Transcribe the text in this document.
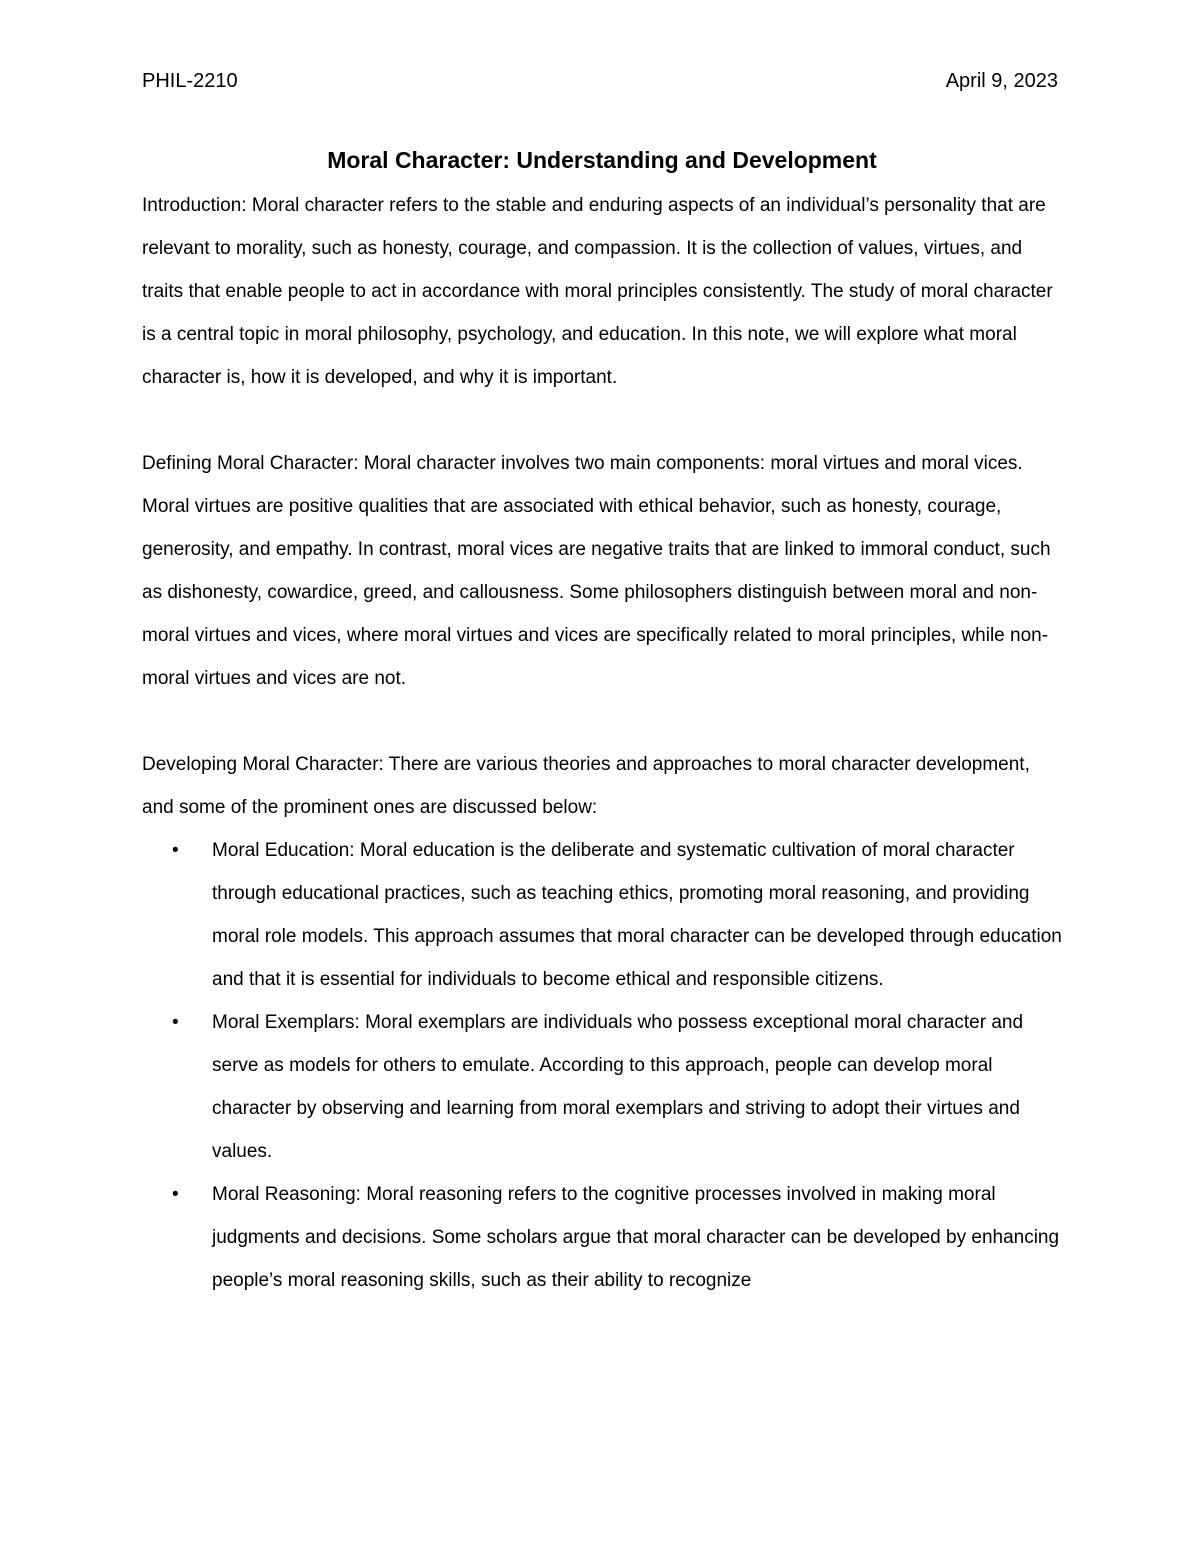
PHIL-2210	April 9, 2023
Moral Character: Understanding and Development

Introduction: Moral character refers to the stable and enduring aspects of an individual’s personality that are relevant to morality, such as honesty, courage, and compassion. It is the collection of values, virtues, and traits that enable people to act in accordance with moral principles consistently. The study of moral character is a central topic in moral philosophy, psychology, and education. In this note, we will explore what moral character is, how it is developed, and why it is important.

Defining Moral Character: Moral character involves two main components: moral virtues and moral vices. Moral virtues are positive qualities that are associated with ethical behavior, such as honesty, courage, generosity, and empathy. In contrast, moral vices are negative traits that are linked to immoral conduct, such as dishonesty, cowardice, greed, and callousness. Some philosophers distinguish between moral and non-moral virtues and vices, where moral virtues and vices are specifically related to moral principles, while non-moral virtues and vices are not.

Developing Moral Character: There are various theories and approaches to moral character development, and some of the prominent ones are discussed below:

• Moral Education: Moral education is the deliberate and systematic cultivation of moral character through educational practices, such as teaching ethics, promoting moral reasoning, and providing moral role models. This approach assumes that moral character can be developed through education and that it is essential for individuals to become ethical and responsible citizens.
• Moral Exemplars: Moral exemplars are individuals who possess exceptional moral character and serve as models for others to emulate. According to this approach, people can develop moral character by observing and learning from moral exemplars and striving to adopt their virtues and values.
• Moral Reasoning: Moral reasoning refers to the cognitive processes involved in making moral judgments and decisions. Some scholars argue that moral character can be developed by enhancing people’s moral reasoning skills, such as their ability to recognize
